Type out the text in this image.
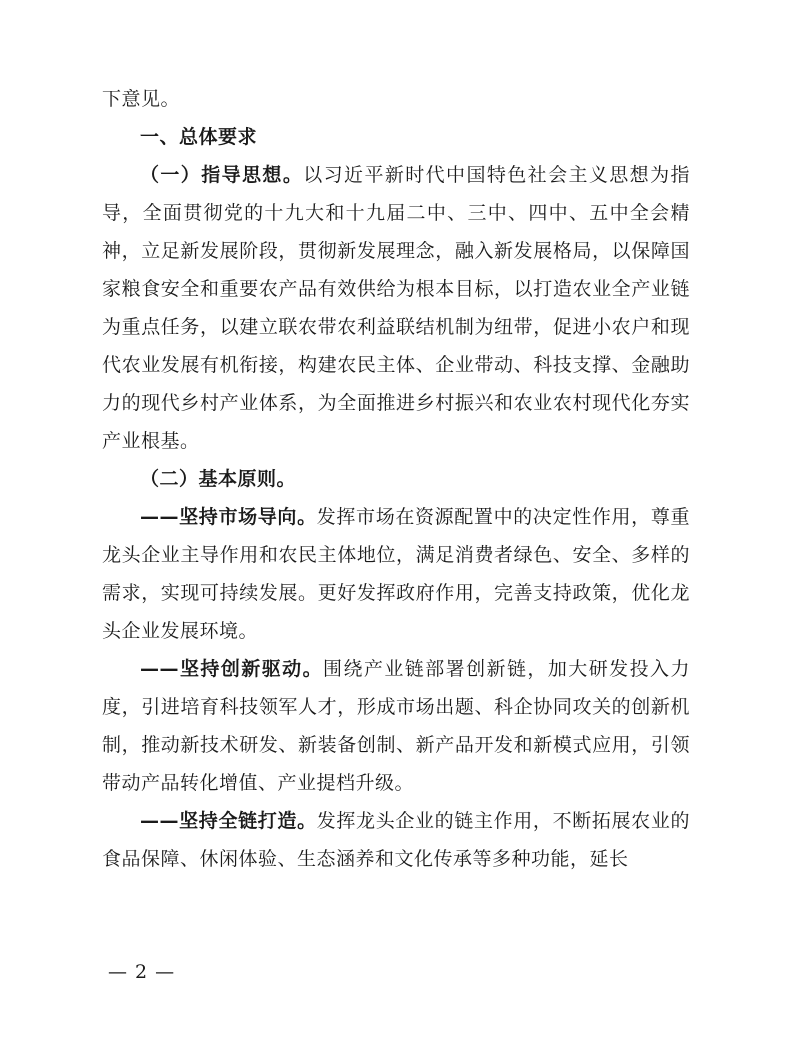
下意见。

一、总体要求

（一）指导思想。以习近平新时代中国特色社会主义思想为指导，全面贯彻党的十九大和十九届二中、三中、四中、五中全会精神，立足新发展阶段，贯彻新发展理念，融入新发展格局，以保障国家粮食安全和重要农产品有效供给为根本目标，以打造农业全产业链为重点任务，以建立联农带农利益联结机制为纽带，促进小农户和现代农业发展有机衔接，构建农民主体、企业带动、科技支撑、金融助力的现代乡村产业体系，为全面推进乡村振兴和农业农村现代化夯实产业根基。

（二）基本原则。

——坚持市场导向。发挥市场在资源配置中的决定性作用，尊重龙头企业主导作用和农民主体地位，满足消费者绿色、安全、多样的需求，实现可持续发展。更好发挥政府作用，完善支持政策，优化龙头企业发展环境。

——坚持创新驱动。围绕产业链部署创新链，加大研发投入力度，引进培育科技领军人才，形成市场出题、科企协同攻关的创新机制，推动新技术研发、新装备创制、新产品开发和新模式应用，引领带动产品转化增值、产业提档升级。

——坚持全链打造。发挥龙头企业的链主作用，不断拓展农业的食品保障、休闲体验、生态涵养和文化传承等多种功能，延长

— 2 —
